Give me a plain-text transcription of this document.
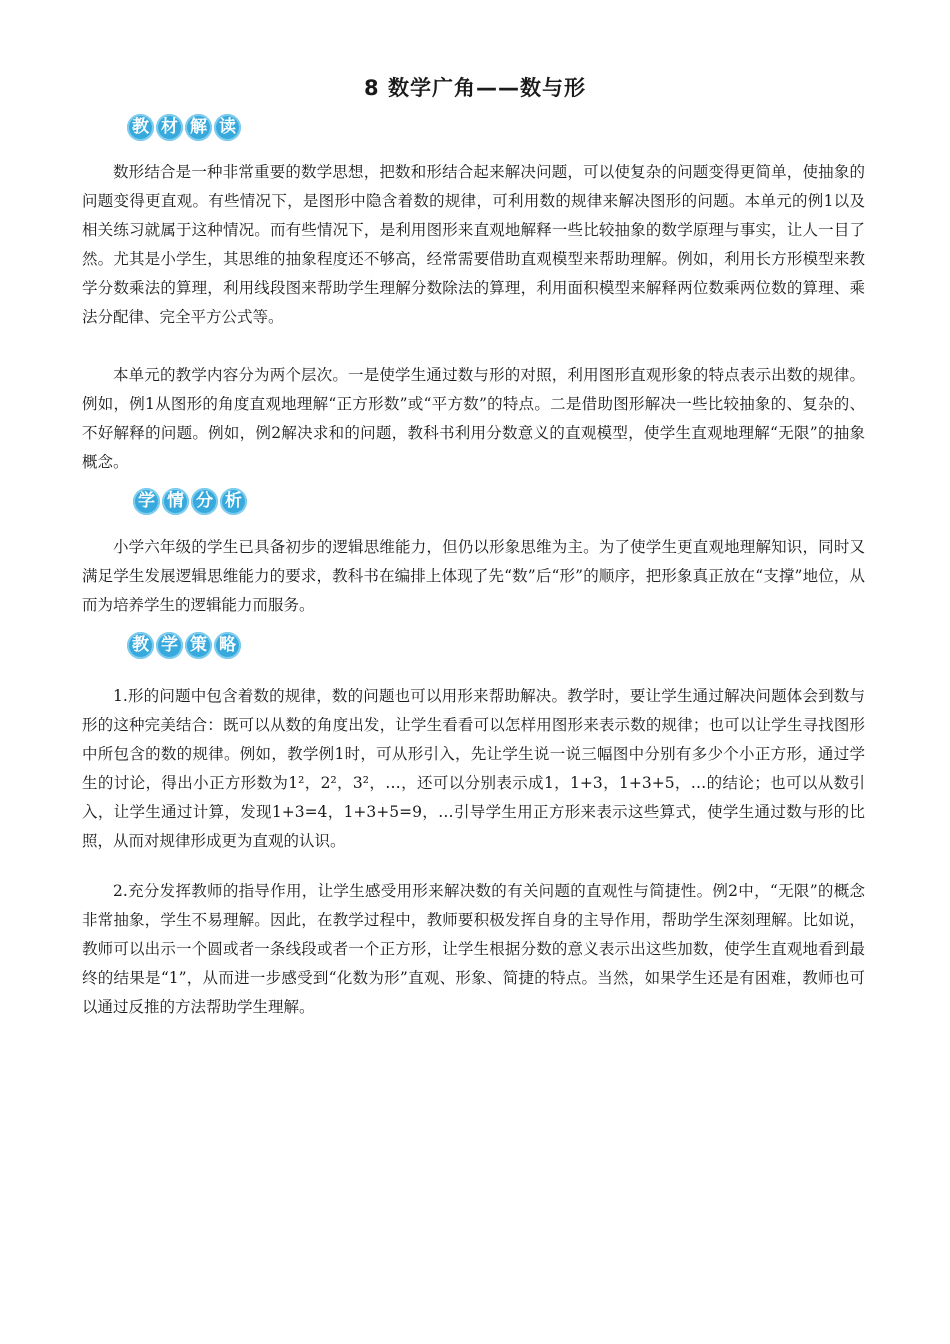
8 数学广角——数与形
教 材 解 读

数形结合是一种非常重要的数学思想，把数和形结合起来解决问题，可以使复杂的问题变得更简单，使抽象的问题变得更直观。有些情况下，是图形中隐含着数的规律，可利用数的规律来解决图形的问题。本单元的例1以及相关练习就属于这种情况。而有些情况下，是利用图形来直观地解释一些比较抽象的数学原理与事实，让人一目了然。尤其是小学生，其思维的抽象程度还不够高，经常需要借助直观模型来帮助理解。例如，利用长方形模型来教学分数乘法的算理，利用线段图来帮助学生理解分数除法的算理，利用面积模型来解释两位数乘两位数的算理、乘法分配律、完全平方公式等。

本单元的教学内容分为两个层次。一是使学生通过数与形的对照，利用图形直观形象的特点表示出数的规律。例如，例1从图形的角度直观地理解“正方形数”或“平方数”的特点。二是借助图形解决一些比较抽象的、复杂的、不好解释的问题。例如，例2解决求和的问题，教科书利用分数意义的直观模型，使学生直观地理解“无限”的抽象概念。

学 情 分 析

小学六年级的学生已具备初步的逻辑思维能力，但仍以形象思维为主。为了使学生更直观地理解知识，同时又满足学生发展逻辑思维能力的要求，教科书在编排上体现了先“数”后“形”的顺序，把形象真正放在“支撑”地位，从而为培养学生的逻辑能力而服务。

教 学 策 略

1.形的问题中包含着数的规律，数的问题也可以用形来帮助解决。教学时，要让学生通过解决问题体会到数与形的这种完美结合：既可以从数的角度出发，让学生看看可以怎样用图形来表示数的规律；也可以让学生寻找图形中所包含的数的规律。例如，教学例1时，可从形引入，先让学生说一说三幅图中分别有多少个小正方形，通过学生的讨论，得出小正方形数为1²，2²，3²，…，还可以分别表示成1，1+3，1+3+5，…的结论；也可以从数引入，让学生通过计算，发现1+3=4，1+3+5=9，…引导学生用正方形来表示这些算式，使学生通过数与形的比照，从而对规律形成更为直观的认识。

2.充分发挥教师的指导作用，让学生感受用形来解决数的有关问题的直观性与简捷性。例2中，“无限”的概念非常抽象，学生不易理解。因此，在教学过程中，教师要积极发挥自身的主导作用，帮助学生深刻理解。比如说，教师可以出示一个圆或者一条线段或者一个正方形，让学生根据分数的意义表示出这些加数，使学生直观地看到最终的结果是“1”，从而进一步感受到“化数为形”直观、形象、简捷的特点。当然，如果学生还是有困难，教师也可以通过反推的方法帮助学生理解。
